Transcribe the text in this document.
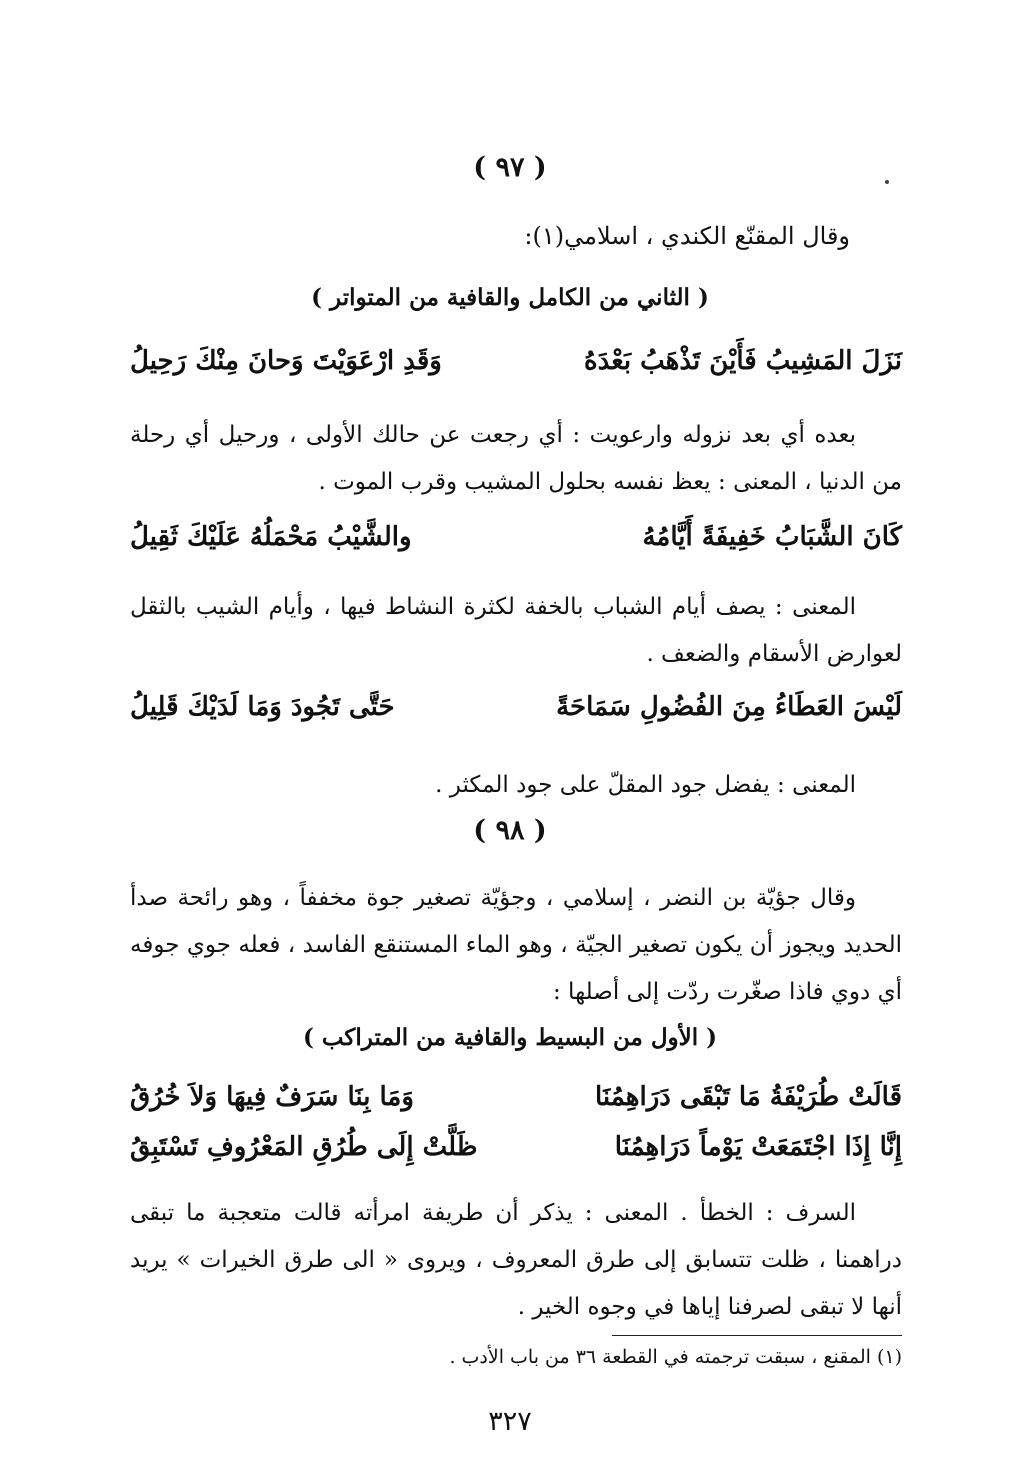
( ٩٧ )
وقال المقنّع الكندي ، اسلامي(١):
( الثاني من الكامل والقافية من المتواتر )
نَزَلَ المَشِيبُ فَأَيْنَ تَذْهَبُ بَعْدَهُ
وَقَدِ ارْعَوَيْتَ وَحانَ مِنْكَ رَحِيلُ
بعده أي بعد نزوله وارعويت : أي رجعت عن حالك الأولى ، ورحيل أي رحلة من الدنيا ، المعنى : يعظ نفسه بحلول المشيب وقرب الموت .
كَانَ الشَّبَابُ خَفِيفَةً أَيَّامُهُ
والشَّيْبُ مَحْمَلُهُ عَلَيْكَ ثَقِيلُ
المعنى : يصف أيام الشباب بالخفة لكثرة النشاط فيها ، وأيام الشيب بالثقل لعوارض الأسقام والضعف .
لَيْسَ العَطَاءُ مِنَ الفُضُولِ سَمَاحَةً
حَتَّى تَجُودَ وَمَا لَدَيْكَ قَلِيلُ
المعنى : يفضل جود المقلّ على جود المكثر .
( ٩٨ )
وقال جؤيّة بن النضر ، إسلامي ، وجؤيّة تصغير جوة مخففاً ، وهو رائحة صدأ الحديد ويجوز أن يكون تصغير الجيّة ، وهو الماء المستنقع الفاسد ، فعله جوي جوفه أي دوي فاذا صغّرت ردّت إلى أصلها :
( الأول من البسيط والقافية من المتراكب )
قَالَتْ طُرَيْفَةُ مَا تَبْقَى دَرَاهِمُنَا
وَمَا بِنَا سَرَفٌ فِيهَا وَلاَ خُرُقُ
إِنَّا إِذَا اجْتَمَعَتْ يَوْماً دَرَاهِمُنَا
ظَلَّتْ إِلَى طُرُقِ المَعْرُوفِ تَسْتَبِقُ
السرف : الخطأ . المعنى : يذكر أن طريفة امرأته قالت متعجبة ما تبقى دراهمنا ، ظلت تتسابق إلى طرق المعروف ، ويروى « الى طرق الخيرات » يريد أنها لا تبقى لصرفنا إياها في وجوه الخير .
(١) المقنع ، سبقت ترجمته في القطعة ٣٦ من باب الأدب .
٣٢٧
